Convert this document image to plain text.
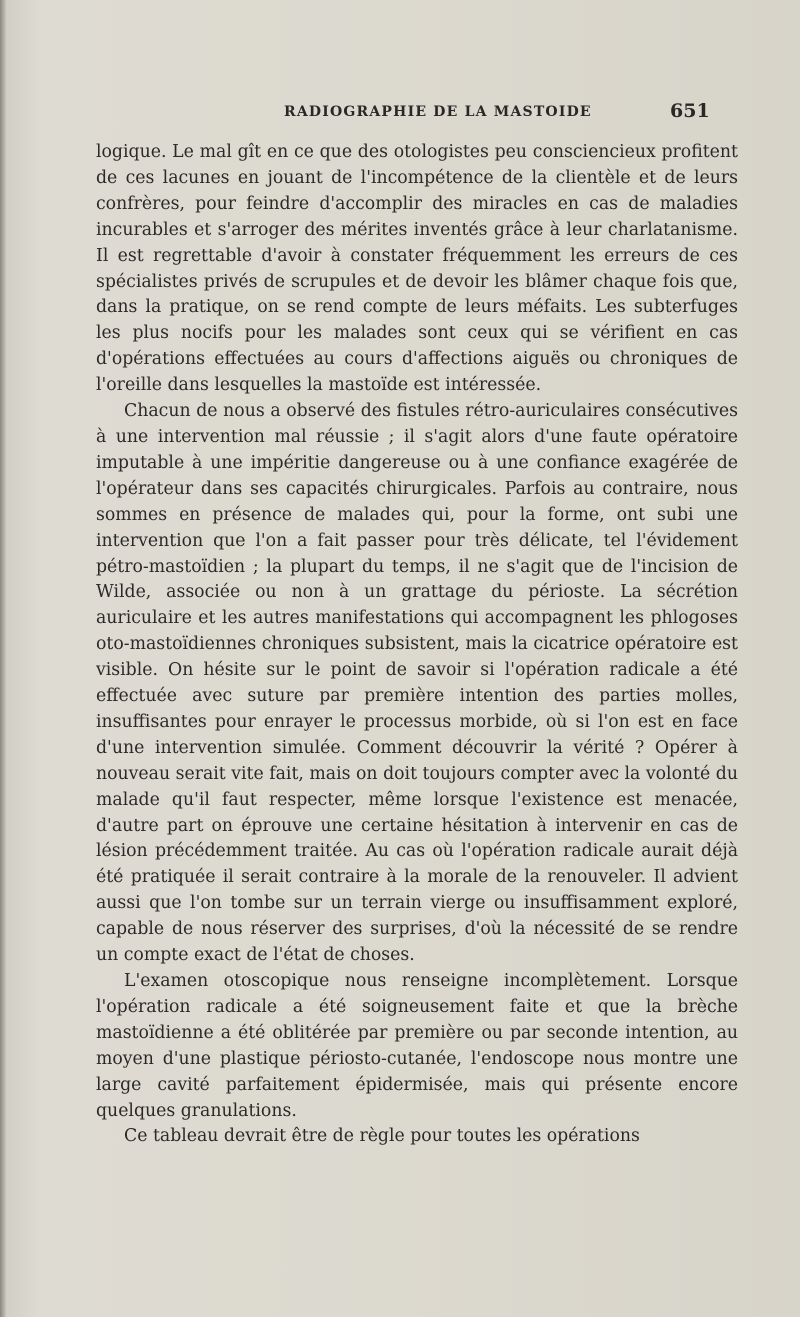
RADIOGRAPHIE DE LA MASTOIDE	651

logique. Le mal gît en ce que des otologistes peu consciencieux profitent de ces lacunes en jouant de l'incompétence de la clientèle et de leurs confrères, pour feindre d'accomplir des miracles en cas de maladies incurables et s'arroger des mérites inventés grâce à leur charlatanisme. Il est regrettable d'avoir à constater fréquemment les erreurs de ces spécialistes privés de scrupules et de devoir les blâmer chaque fois que, dans la pratique, on se rend compte de leurs méfaits. Les subterfuges les plus nocifs pour les malades sont ceux qui se vérifient en cas d'opérations effectuées au cours d'affections aiguës ou chroniques de l'oreille dans lesquelles la mastoïde est intéressée.

Chacun de nous a observé des fistules rétro-auriculaires consécutives à une intervention mal réussie ; il s'agit alors d'une faute opératoire imputable à une impéritie dangereuse ou à une confiance exagérée de l'opérateur dans ses capacités chirurgicales. Parfois au contraire, nous sommes en présence de malades qui, pour la forme, ont subi une intervention que l'on a fait passer pour très délicate, tel l'évidement pétro-mastoïdien ; la plupart du temps, il ne s'agit que de l'incision de Wilde, associée ou non à un grattage du périoste. La sécrétion auriculaire et les autres manifestations qui accompagnent les phlogoses oto-mastoïdiennes chroniques subsistent, mais la cicatrice opératoire est visible. On hésite sur le point de savoir si l'opération radicale a été effectuée avec suture par première intention des parties molles, insuffisantes pour enrayer le processus morbide, où si l'on est en face d'une intervention simulée. Comment découvrir la vérité ? Opérer à nouveau serait vite fait, mais on doit toujours compter avec la volonté du malade qu'il faut respecter, même lorsque l'existence est menacée, d'autre part on éprouve une certaine hésitation à intervenir en cas de lésion précédemment traitée. Au cas où l'opération radicale aurait déjà été pratiquée il serait contraire à la morale de la renouveler. Il advient aussi que l'on tombe sur un terrain vierge ou insuffisamment exploré, capable de nous réserver des surprises, d'où la nécessité de se rendre un compte exact de l'état de choses.

L'examen otoscopique nous renseigne incomplètement. Lorsque l'opération radicale a été soigneusement faite et que la brèche mastoïdienne a été oblitérée par première ou par seconde intention, au moyen d'une plastique périosto-cutanée, l'endoscope nous montre une large cavité parfaitement épidermisée, mais qui présente encore quelques granulations.

Ce tableau devrait être de règle pour toutes les opérations
